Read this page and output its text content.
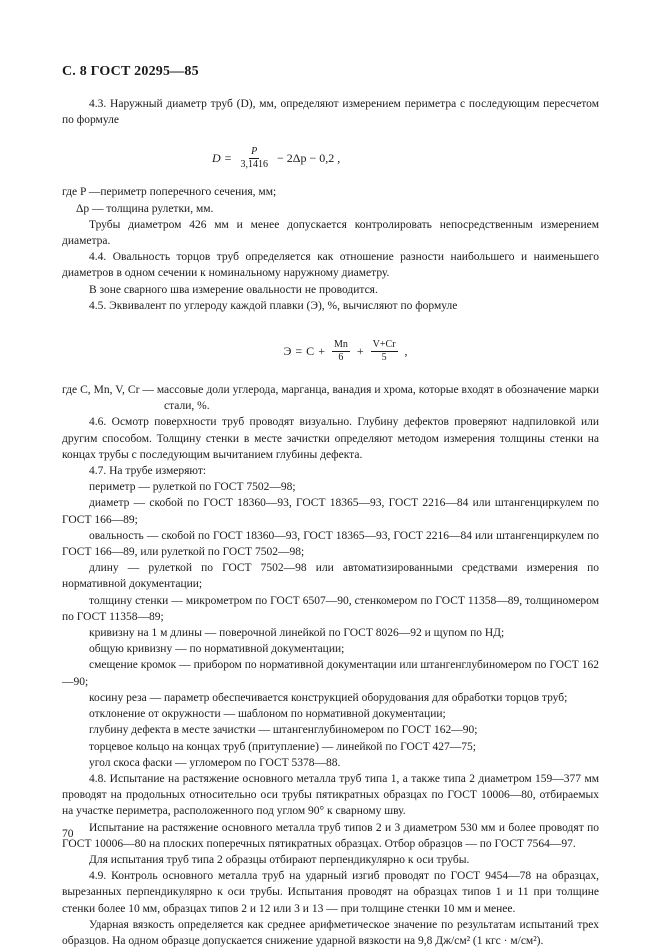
С. 8 ГОСТ 20295—85

4.3. Наружный диаметр труб (D), мм, определяют измерением периметра с последующим пересчетом по формуле

$D = \frac{P}{3,1416} - 2\Delta p - 0,2$ ,

где P —периметр поперечного сечения, мм;

Δp — толщина рулетки, мм.

Трубы диаметром 426 мм и менее допускается контролировать непосредственным измерением диаметра.

4.4. Овальность торцов труб определяется как отношение разности наибольшего и наименьшего диаметров в одном сечении к номинальному наружному диаметру.

В зоне сварного шва измерение овальности не проводится.

4.5. Эквивалент по углероду каждой плавки (Э), %, вычисляют по формуле

$Э = С + \frac{Mn}{6} + \frac{V+Cr}{5}$ ,

где С, Mn, V, Cr — массовые доли углерода, марганца, ванадия и хрома, которые входят в обозначение марки стали, %.

4.6. Осмотр поверхности труб проводят визуально. Глубину дефектов проверяют надпиловкой или другим способом. Толщину стенки в месте зачистки определяют методом измерения толщины стенки на концах трубы с последующим вычитанием глубины дефекта.

4.7. На трубе измеряют:

периметр — рулеткой по ГОСТ 7502—98;

диаметр — скобой по ГОСТ 18360—93, ГОСТ 18365—93, ГОСТ 2216—84 или штангенциркулем по ГОСТ 166—89;

овальность — скобой по ГОСТ 18360—93, ГОСТ 18365—93, ГОСТ 2216—84 или штангенциркулем по ГОСТ 166—89, или рулеткой по ГОСТ 7502—98;

длину — рулеткой по ГОСТ 7502—98 или автоматизированными средствами измерения по нормативной документации;

толщину стенки — микрометром по ГОСТ 6507—90, стенкомером по ГОСТ 11358—89, толщиномером по ГОСТ 11358—89;

кривизну на 1 м длины — поверочной линейкой по ГОСТ 8026—92 и щупом по НД;

общую кривизну — по нормативной документации;

смещение кромок — прибором по нормативной документации или штангенглубиномером по ГОСТ 162—90;

косину реза — параметр обеспечивается конструкцией оборудования для обработки торцов труб;

отклонение от окружности — шаблоном по нормативной документации;

глубину дефекта в месте зачистки — штангенглубиномером по ГОСТ 162—90;

торцевое кольцо на концах труб (притупление) — линейкой по ГОСТ 427—75;

угол скоса фаски — угломером по ГОСТ 5378—88.

4.8. Испытание на растяжение основного металла труб типа 1, а также типа 2 диаметром 159—377 мм проводят на продольных относительно оси трубы пятикратных образцах по ГОСТ 10006—80, отбираемых на участке периметра, расположенного под углом 90° к сварному шву.

Испытание на растяжение основного металла труб типов 2 и 3 диаметром 530 мм и более проводят по ГОСТ 10006—80 на плоских поперечных пятикратных образцах. Отбор образцов — по ГОСТ 7564—97.

Для испытания труб типа 2 образцы отбирают перпендикулярно к оси трубы.

4.9. Контроль основного металла труб на ударный изгиб проводят по ГОСТ 9454—78 на образцах, вырезанных перпендикулярно к оси трубы. Испытания проводят на образцах типов 1 и 11 при толщине стенки более 10 мм, образцах типов 2 и 12 или 3 и 13 — при толщине стенки 10 мм и менее.

Ударная вязкость определяется как среднее арифметическое значение по результатам испытаний трех образцов. На одном образце допускается снижение ударной вязкости на 9,8 Дж/см² (1 кгс · м/см²).

70
